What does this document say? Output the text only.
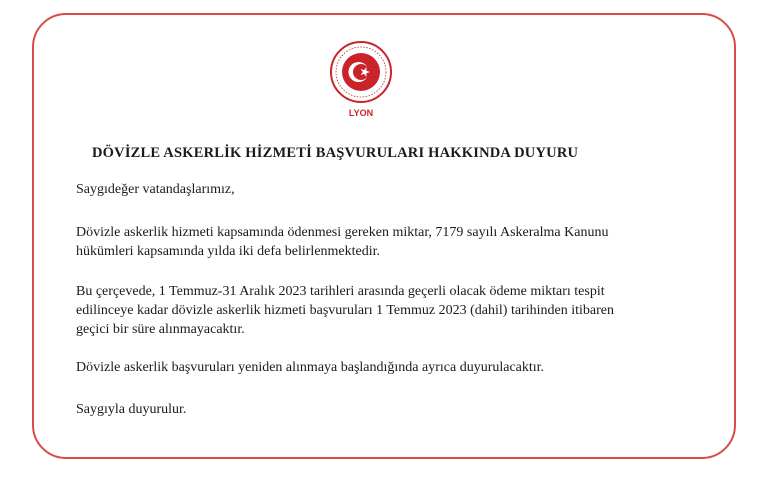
LYON
DÖVİZLE ASKERLİK HİZMETİ BAŞVURULARI HAKKINDA DUYURU

Saygıdeğer vatandaşlarımız,

Dövizle askerlik hizmeti kapsamında ödenmesi gereken miktar, 7179 sayılı Askeralma Kanunu
hükümleri kapsamında yılda iki defa belirlenmektedir.

Bu çerçevede, 1 Temmuz-31 Aralık 2023 tarihleri arasında geçerli olacak ödeme miktarı tespit
edilinceye kadar dövizle askerlik hizmeti başvuruları 1 Temmuz 2023 (dahil) tarihinden itibaren
geçici bir süre alınmayacaktır.

Dövizle askerlik başvuruları yeniden alınmaya başlandığında ayrıca duyurulacaktır.

Saygıyla duyurulur.
